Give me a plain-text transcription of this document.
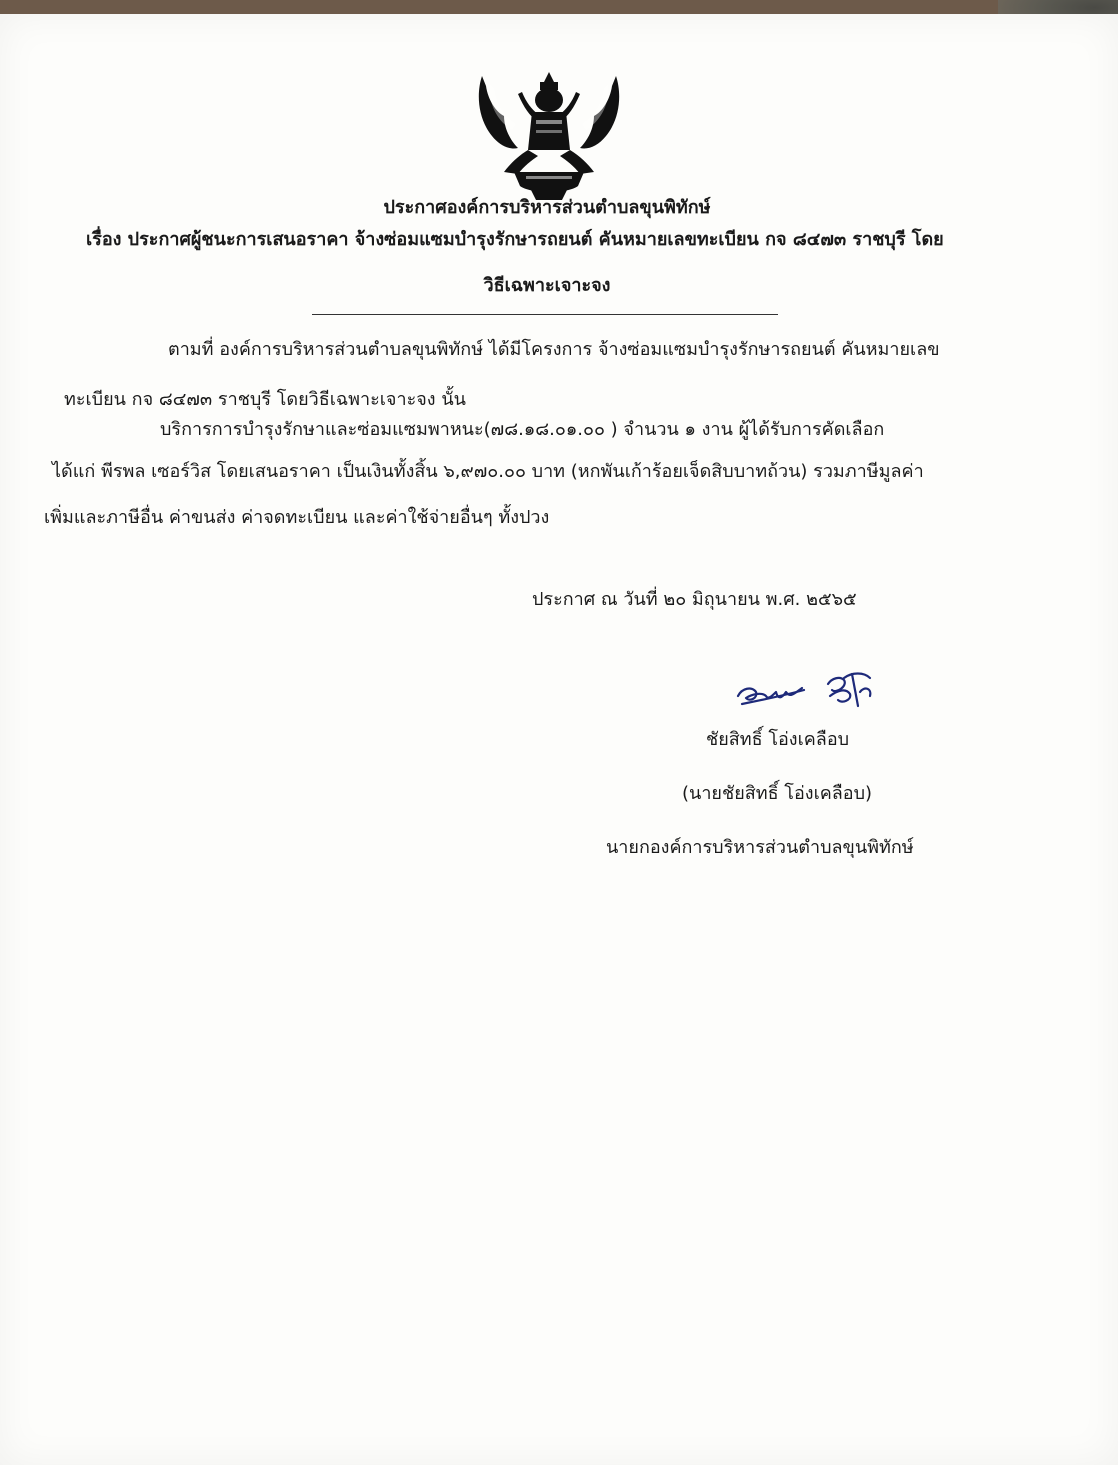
ประกาศองค์การบริหารส่วนตำบลขุนพิทักษ์
เรื่อง ประกาศผู้ชนะการเสนอราคา จ้างซ่อมแซมบำรุงรักษารถยนต์ คันหมายเลขทะเบียน กจ ๘๔๗๓ ราชบุรี โดย
วิธีเฉพาะเจาะจง
ตามที่ องค์การบริหารส่วนตำบลขุนพิทักษ์ ได้มีโครงการ จ้างซ่อมแซมบำรุงรักษารถยนต์ คันหมายเลข
ทะเบียน กจ ๘๔๗๓ ราชบุรี โดยวิธีเฉพาะเจาะจง นั้น
บริการการบำรุงรักษาและซ่อมแซมพาหนะ(๗๘.๑๘.๐๑.๐๐ ) จำนวน ๑ งาน ผู้ได้รับการคัดเลือก
ได้แก่ พีรพล เซอร์วิส โดยเสนอราคา เป็นเงินทั้งสิ้น ๖,๙๗๐.๐๐ บาท (หกพันเก้าร้อยเจ็ดสิบบาทถ้วน) รวมภาษีมูลค่า
เพิ่มและภาษีอื่น ค่าขนส่ง ค่าจดทะเบียน และค่าใช้จ่ายอื่นๆ ทั้งปวง
ประกาศ ณ วันที่ ๒๐ มิถุนายน พ.ศ. ๒๕๖๕
ชัยสิทธิ์ โอ่งเคลือบ
(นายชัยสิทธิ์ โอ่งเคลือบ)
นายกองค์การบริหารส่วนตำบลขุนพิทักษ์
